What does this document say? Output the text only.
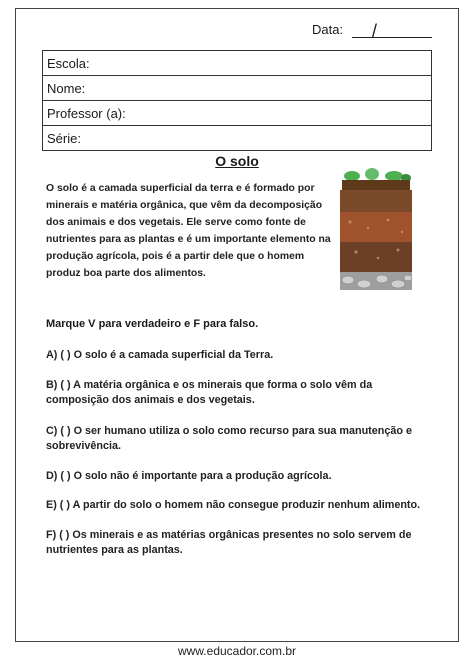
Data: /
Escola:
Nome:
Professor (a):
Série:
O solo
O solo é a camada superficial da terra e é formado por minerais e matéria orgânica, que vêm da decomposição dos animais e dos vegetais. Ele serve como fonte de nutrientes para as plantas e é um importante elemento na produção agrícola, pois é a partir dele que o homem produz boa parte dos alimentos.
Marque V para verdadeiro e F para falso.
A) ( ) O solo é a camada superficial da Terra.
B) ( ) A matéria orgânica e os minerais que forma o solo vêm da composição dos animais e dos vegetais.
C) ( ) O ser humano utiliza o solo como recurso para sua manutenção e sobrevivência.
D) ( ) O solo não é importante para a produção agrícola.
E) ( ) A partir do solo o homem não consegue produzir nenhum alimento.
F) ( ) Os minerais e as matérias orgânicas presentes no solo servem de nutrientes para as plantas.
www.educador.com.br
